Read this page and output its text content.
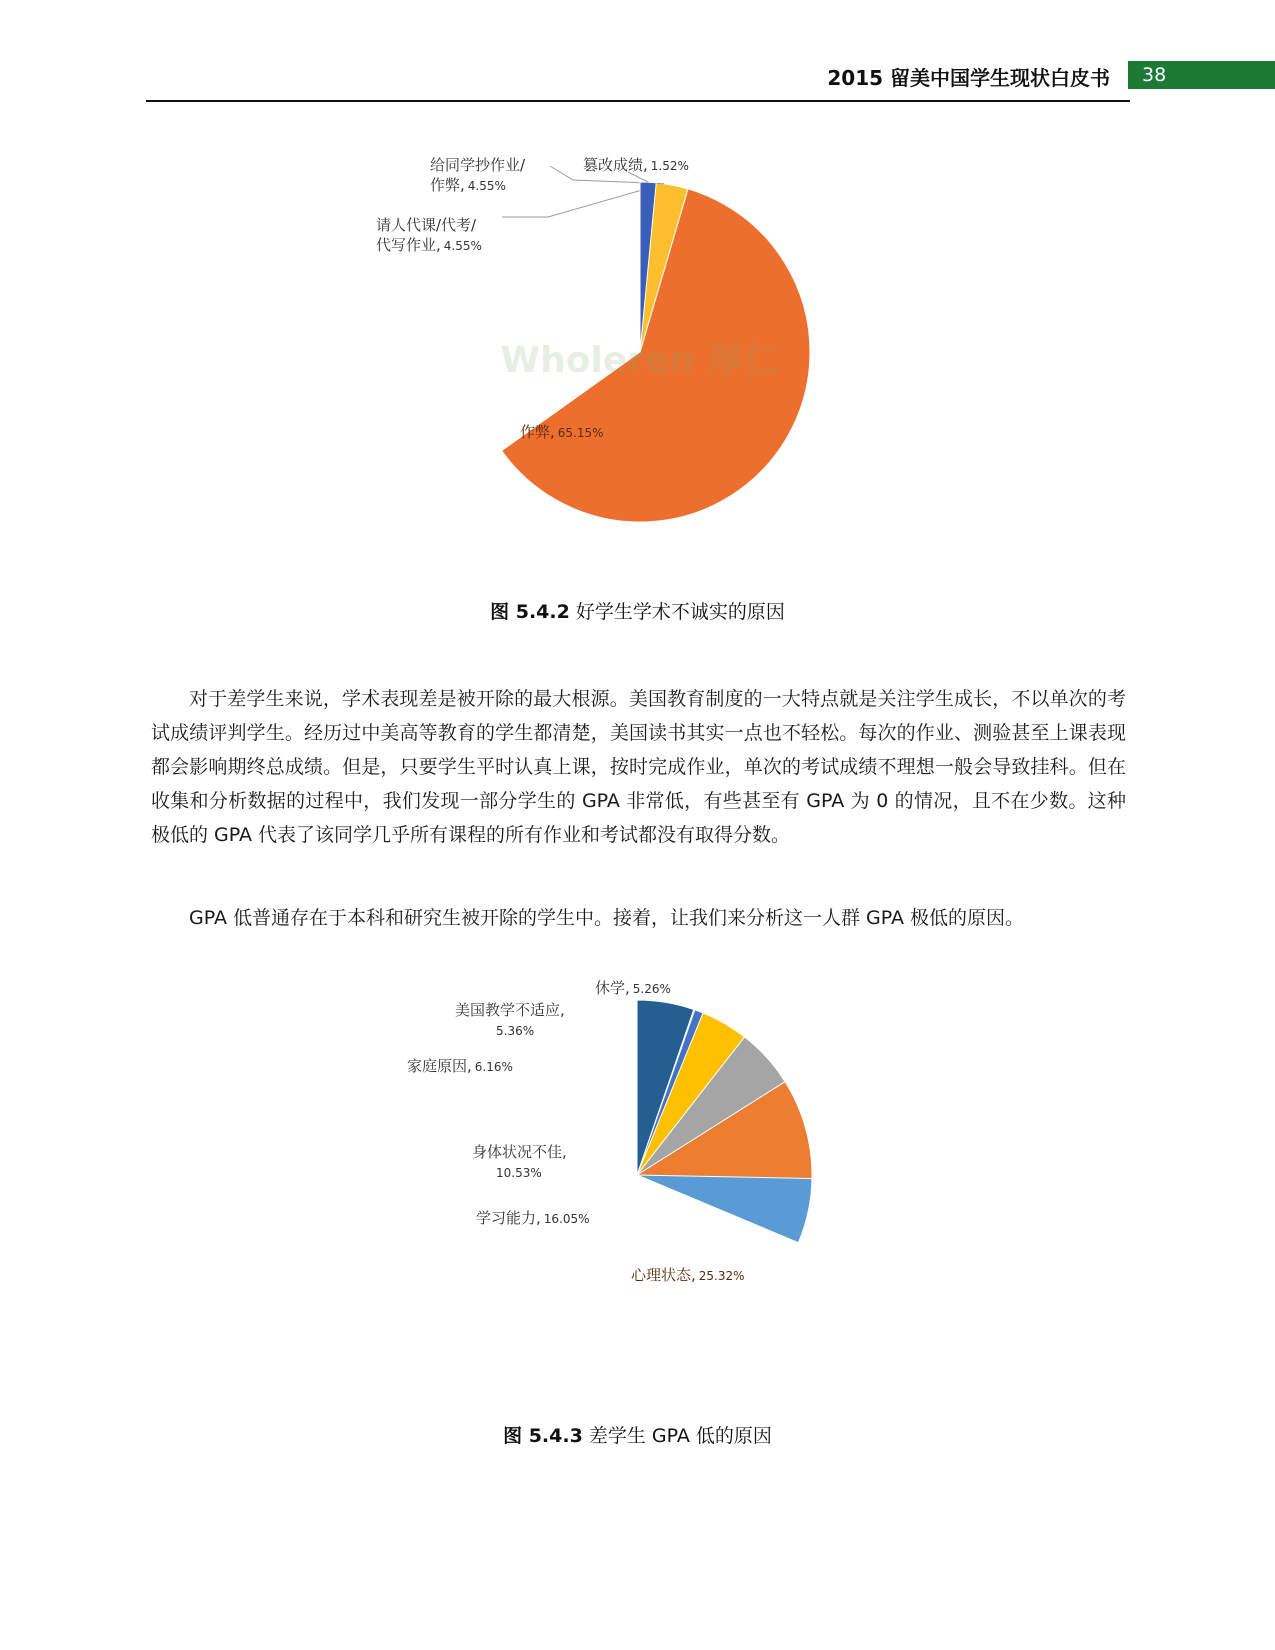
2015 留美中国学生现状白皮书	38
作弊, 65.15%
请人代课/代考/代写作业, 4.55%
给同学抄作业/作弊, 4.55%
篡改成绩, 1.52%
Wholeren 厚仁
图 5.4.2 好学生学术不诚实的原因

对于差学生来说，学术表现差是被开除的最大根源。美国教育制度的一大特点就是关注学生成长，不以单次的考试成绩评判学生。经历过中美高等教育的学生都清楚，美国读书其实一点也不轻松。每次的作业、测验甚至上课表现都会影响期终总成绩。但是，只要学生平时认真上课，按时完成作业，单次的考试成绩不理想一般会导致挂科。但在收集和分析数据的过程中，我们发现一部分学生的 GPA 非常低，有些甚至有 GPA 为 0 的情况，且不在少数。这种极低的 GPA 代表了该同学几乎所有课程的所有作业和考试都没有取得分数。

GPA 低普通存在于本科和研究生被开除的学生中。接着，让我们来分析这一人群 GPA 极低的原因。

心理状态, 25.32%
学习能力, 16.05%
身体状况不佳, 10.53%
家庭原因, 6.16%
美国教学不适应, 5.36%
休学, 5.26%
图 5.4.3 差学生 GPA 低的原因
